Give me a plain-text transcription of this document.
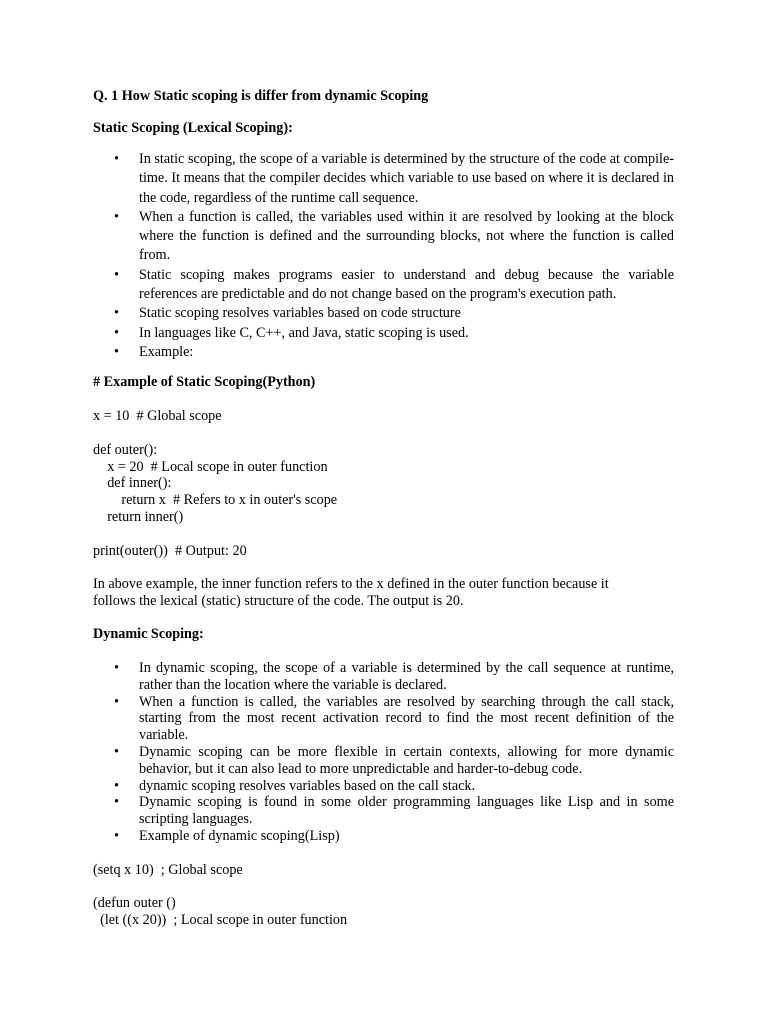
Q. 1 How Static scoping is differ from dynamic Scoping
Static Scoping (Lexical Scoping):
• In static scoping, the scope of a variable is determined by the structure of the code at compile-time. It means that the compiler decides which variable to use based on where it is declared in the code, regardless of the runtime call sequence.
• When a function is called, the variables used within it are resolved by looking at the block where the function is defined and the surrounding blocks, not where the function is called from.
• Static scoping makes programs easier to understand and debug because the variable references are predictable and do not change based on the program's execution path.
• Static scoping resolves variables based on code structure
• In languages like C, C++, and Java, static scoping is used.
• Example:
# Example of Static Scoping(Python)
x = 10  # Global scope
def outer():
x = 20  # Local scope in outer function
def inner():
return x  # Refers to x in outer's scope
return inner()
print(outer())  # Output: 20
In above example, the inner function refers to the x defined in the outer function because it
follows the lexical (static) structure of the code. The output is 20.
Dynamic Scoping:
• In dynamic scoping, the scope of a variable is determined by the call sequence at runtime, rather than the location where the variable is declared.
• When a function is called, the variables are resolved by searching through the call stack, starting from the most recent activation record to find the most recent definition of the variable.
• Dynamic scoping can be more flexible in certain contexts, allowing for more dynamic behavior, but it can also lead to more unpredictable and harder-to-debug code.
• dynamic scoping resolves variables based on the call stack.
• Dynamic scoping is found in some older programming languages like Lisp and in some scripting languages.
• Example of dynamic scoping(Lisp)
(setq x 10)  ; Global scope
(defun outer ()
(let ((x 20))  ; Local scope in outer function
